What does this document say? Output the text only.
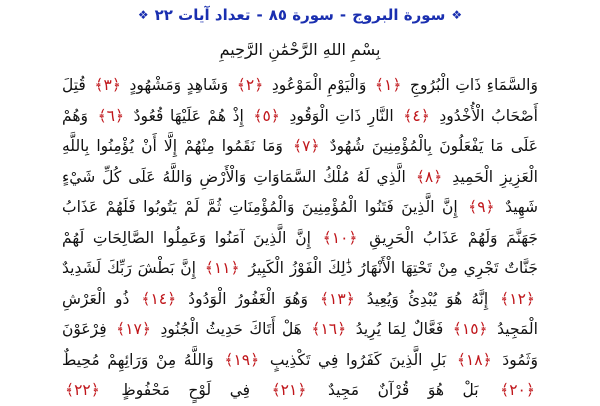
❖
سورة البروج
-
سورة ٨٥
-
تعداد آيات ٢٢
❖
بِسْمِ اللهِ الرَّحْمَٰنِ الرَّحِيمِ
وَالسَّمَاءِ ذَاتِ الْبُرُوجِ ﴿١﴾ وَالْيَوْمِ الْمَوْعُودِ ﴿٢﴾ وَشَاهِدٍ وَمَشْهُودٍ ﴿٣﴾ قُتِلَ أَصْحَابُ الْأُخْدُودِ ﴿٤﴾ النَّارِ ذَاتِ الْوَقُودِ ﴿٥﴾ إِذْ هُمْ عَلَيْهَا قُعُودٌ ﴿٦﴾ وَهُمْ عَلَى مَا يَفْعَلُونَ بِالْمُؤْمِنِينَ شُهُودٌ ﴿٧﴾ وَمَا نَقَمُوا مِنْهُمْ إِلَّا أَنْ يُؤْمِنُوا بِاللَّهِ الْعَزِيزِ الْحَمِيدِ ﴿٨﴾ الَّذِي لَهُ مُلْكُ السَّمَاوَاتِ وَالْأَرْضِ وَاللَّهُ عَلَى كُلِّ شَيْءٍ شَهِيدٌ ﴿٩﴾ إِنَّ الَّذِينَ فَتَنُوا الْمُؤْمِنِينَ وَالْمُؤْمِنَاتِ ثُمَّ لَمْ يَتُوبُوا فَلَهُمْ عَذَابُ جَهَنَّمَ وَلَهُمْ عَذَابُ الْحَرِيقِ ﴿١٠﴾ إِنَّ الَّذِينَ آمَنُوا وَعَمِلُوا الصَّالِحَاتِ لَهُمْ جَنَّاتٌ تَجْرِي مِنْ تَحْتِهَا الْأَنْهَارُ ذَٰلِكَ الْفَوْزُ الْكَبِيرُ ﴿١١﴾ إِنَّ بَطْشَ رَبِّكَ لَشَدِيدٌ ﴿١٢﴾ إِنَّهُ هُوَ يُبْدِئُ وَيُعِيدُ ﴿١٣﴾ وَهُوَ الْغَفُورُ الْوَدُودُ ﴿١٤﴾ ذُو الْعَرْشِ الْمَجِيدُ ﴿١٥﴾ فَعَّالٌ لِمَا يُرِيدُ ﴿١٦﴾ هَلْ أَتَاكَ حَدِيثُ الْجُنُودِ ﴿١٧﴾ فِرْعَوْنَ وَثَمُودَ ﴿١٨﴾ بَلِ الَّذِينَ كَفَرُوا فِي تَكْذِيبٍ ﴿١٩﴾ وَاللَّهُ مِنْ وَرَائِهِمْ مُحِيطٌ ﴿٢٠﴾ بَلْ هُوَ قُرْآنٌ مَجِيدٌ ﴿٢١﴾ فِي لَوْحٍ مَحْفُوظٍ ﴿٢٢﴾
